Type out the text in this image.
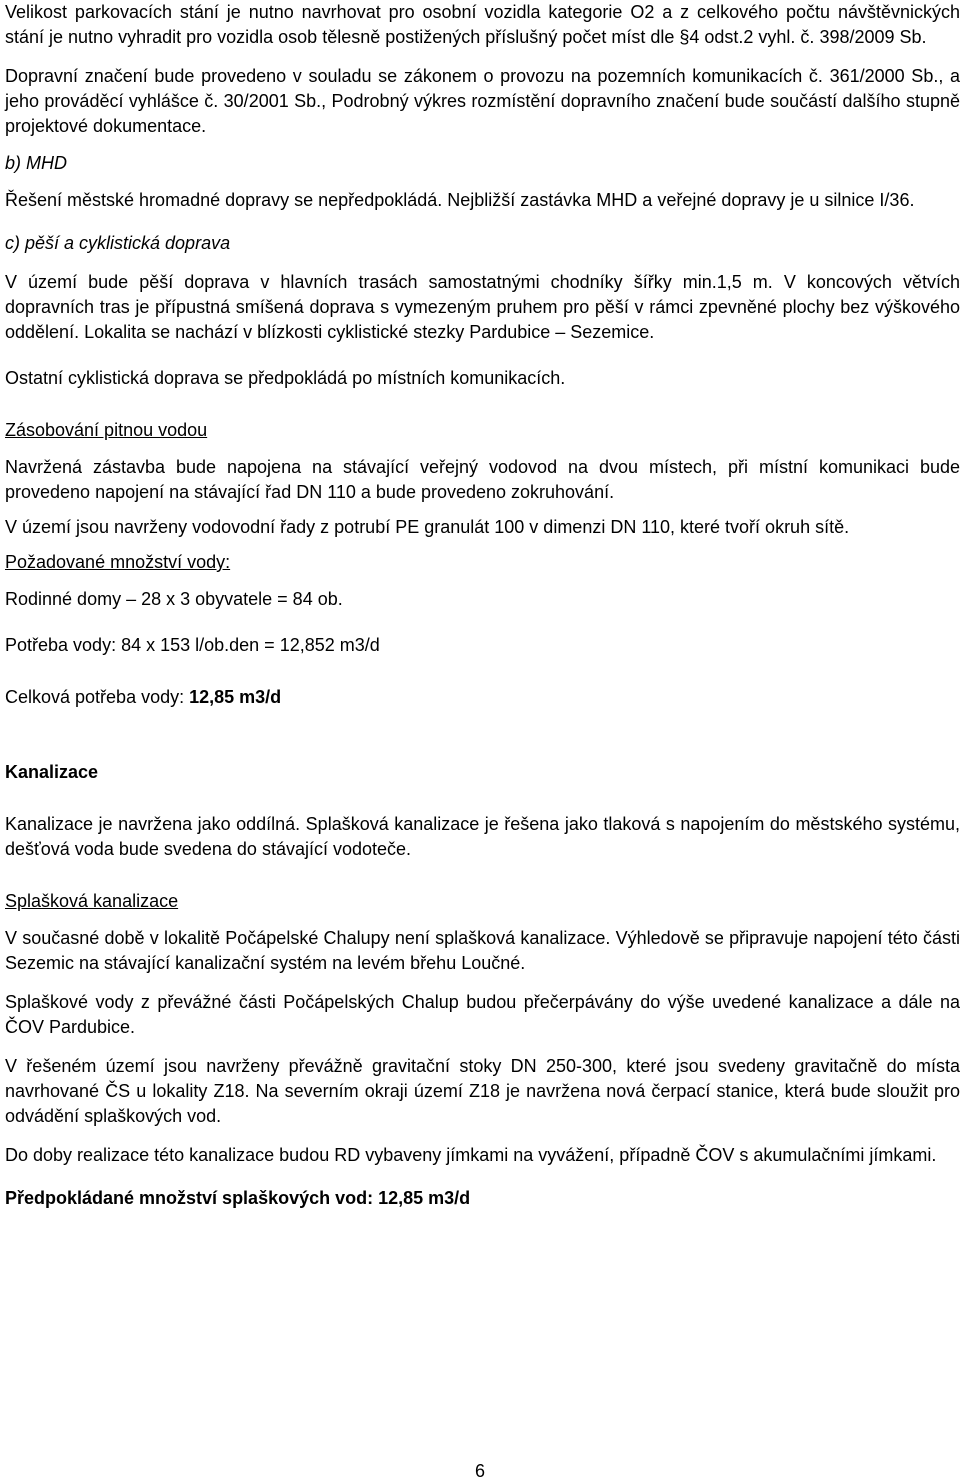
Velikost parkovacích stání je nutno navrhovat pro osobní vozidla kategorie O2 a z celkového počtu návštěvnických stání je nutno vyhradit pro vozidla osob tělesně postižených příslušný počet míst dle §4 odst.2 vyhl. č. 398/2009 Sb.

Dopravní značení bude provedeno v souladu se zákonem o provozu na pozemních komunikacích č. 361/2000 Sb., a jeho prováděcí vyhlášce č. 30/2001 Sb., Podrobný výkres rozmístění dopravního značení bude součástí dalšího stupně projektové dokumentace.

b) MHD

Řešení městské hromadné dopravy se nepředpokládá. Nejbližší zastávka MHD a veřejné dopravy je u silnice I/36.

c) pěší a cyklistická doprava

V území bude pěší doprava v hlavních trasách samostatnými chodníky šířky min.1,5 m. V koncových větvích dopravních tras je přípustná smíšená doprava s vymezeným pruhem pro pěší v rámci zpevněné plochy bez výškového oddělení. Lokalita se nachází v blízkosti cyklistické stezky Pardubice – Sezemice.

Ostatní cyklistická doprava se předpokládá po místních komunikacích.

Zásobování pitnou vodou

Navržená zástavba bude napojena na stávající veřejný vodovod na dvou místech, při místní komunikaci bude provedeno napojení na stávající řad DN 110 a bude provedeno zokruhování.

V území jsou navrženy vodovodní řady z potrubí PE granulát 100 v dimenzi DN 110, které tvoří okruh sítě.

Požadované množství vody:

Rodinné domy – 28 x 3 obyvatele = 84 ob.

Potřeba vody: 84 x 153 l/ob.den = 12,852 m3/d

Celková potřeba vody: 12,85 m3/d

Kanalizace

Kanalizace je navržena jako oddílná. Splašková kanalizace je řešena jako tlaková s napojením do městského systému, dešťová voda bude svedena do stávající vodoteče.

Splašková kanalizace

V současné době v lokalitě Počápelské Chalupy není splašková kanalizace. Výhledově se připravuje napojení této části Sezemic na stávající kanalizační systém na levém břehu Loučné.

Splaškové vody z převážné části Počápelských Chalup budou přečerpávány do výše uvedené kanalizace a dále na ČOV Pardubice.

V řešeném území jsou navrženy převážně gravitační stoky DN 250-300, které jsou svedeny gravitačně do místa navrhované ČS u lokality Z18. Na severním okraji území Z18 je navržena nová čerpací stanice, která bude sloužit pro odvádění splaškových vod.

Do doby realizace této kanalizace budou RD vybaveny jímkami na vyvážení, případně ČOV s akumulačními jímkami.

Předpokládané množství splaškových vod: 12,85 m3/d

6
